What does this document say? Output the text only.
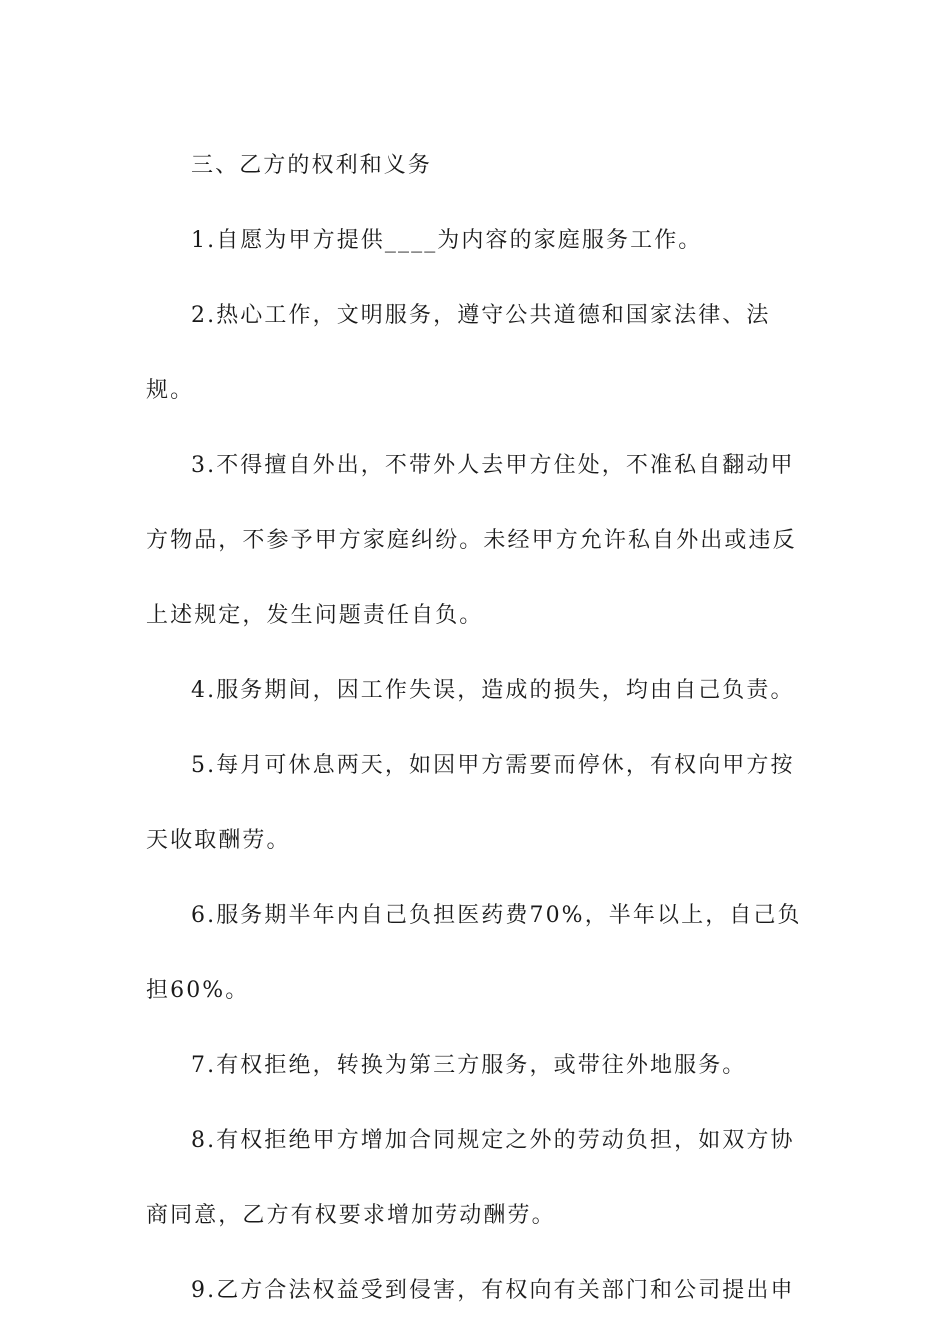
三、乙方的权利和义务

1.自愿为甲方提供____为内容的家庭服务工作。

2.热心工作，文明服务，遵守公共道德和国家法律、法规。

3.不得擅自外出，不带外人去甲方住处，不准私自翻动甲方物品，不参予甲方家庭纠纷。未经甲方允许私自外出或违反上述规定，发生问题责任自负。

4.服务期间，因工作失误，造成的损失，均由自己负责。

5.每月可休息两天，如因甲方需要而停休，有权向甲方按天收取酬劳。

6.服务期半年内自己负担医药费70%，半年以上，自己负担60%。

7.有权拒绝，转换为第三方服务，或带往外地服务。

8.有权拒绝甲方增加合同规定之外的劳动负担，如双方协商同意，乙方有权要求增加劳动酬劳。

9.乙方合法权益受到侵害，有权向有关部门和公司提出申
